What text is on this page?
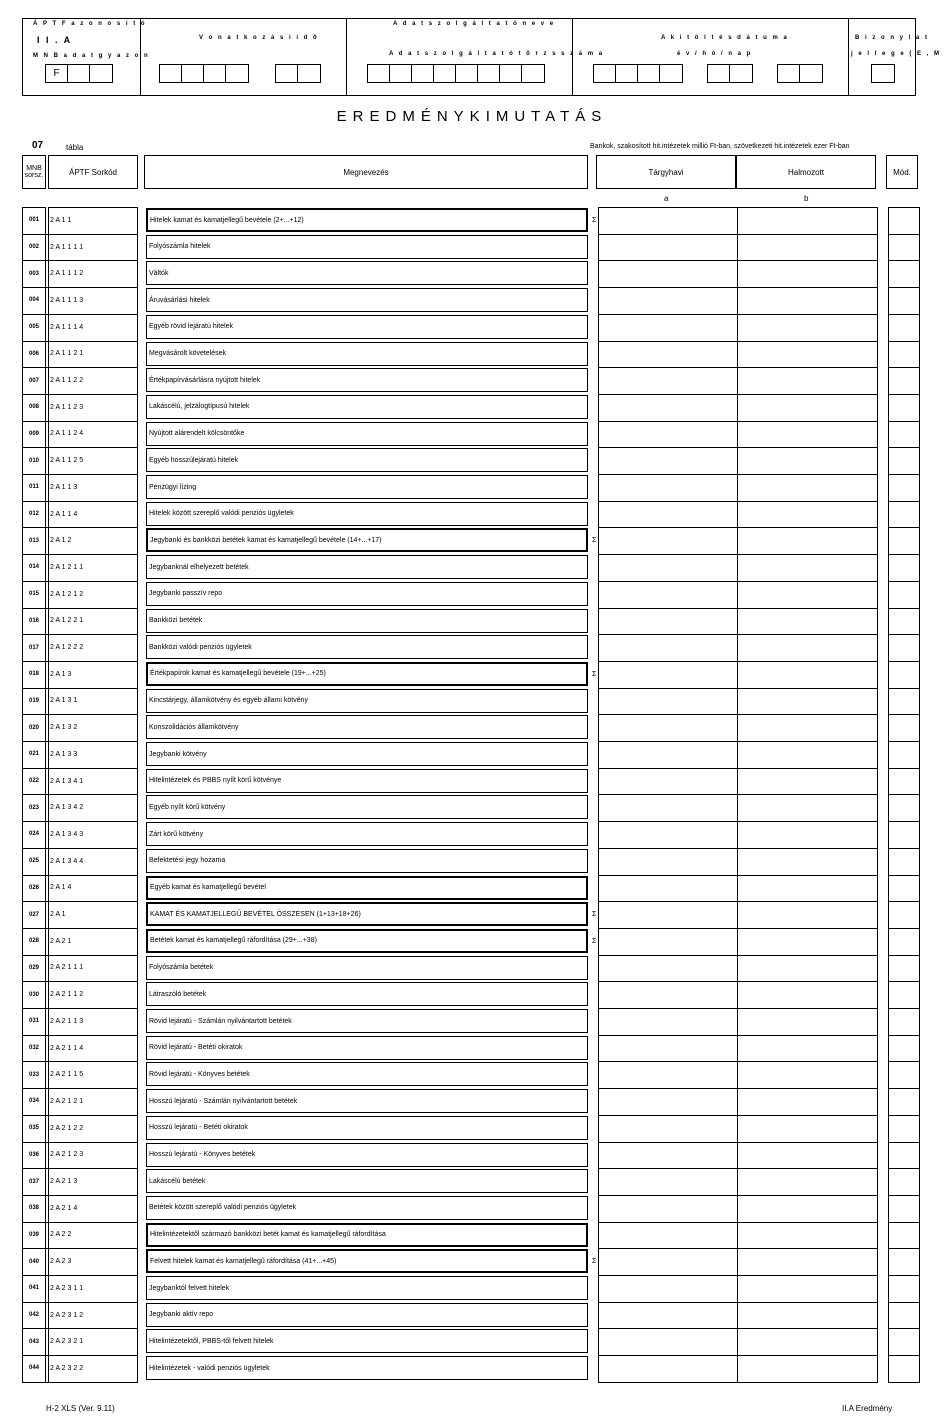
Á P T F a z o n o s í t ó
I I . A
M N B a d a t g y a z o n
F
V o n a t k o z á s i i d ő
A d a t s z o l g á l t a t ó n e v e
A d a t s z o l g á l t a t ó t ö r z s s z á m a
A k i t ö l t é s d á t u m a
é v / h ó / n a p
B i z o n y l a t
j e l l e g e ( E , M
EREDMÉNYKIMUTATÁS
07	tábla	Bankok, szakosított hit.intézetek millió Ft-ban, szövetkezeti hit.intézetek ezer Ft-ban
MNB sorsz.	ÁPTF Sorkód	Megnevezés	Tárgyhavi	Halmozott	Mód.
a	b
001	2 A 1 1	Hitelek kamat és kamatjellegű bevétele (2+...+12)	Σ
002	2 A 1 1 1 1	Folyószámla hitelek
003	2 A 1 1 1 2	Váltók
004	2 A 1 1 1 3	Áruvásárlási hitelek
005	2 A 1 1 1 4	Egyéb rövid lejáratú hitelek
006	2 A 1 1 2 1	Megvásárolt követelések
007	2 A 1 1 2 2	Értékpapírvásárlásra nyújtott hitelek
008	2 A 1 1 2 3	Lakáscélú, jelzálogtípusú hitelek
009	2 A 1 1 2 4	Nyújtott alárendelt kölcsöntőke
010	2 A 1 1 2 5	Egyéb hosszúlejáratú hitelek
011	2 A 1 1 3	Pénzügyi lízing
012	2 A 1 1 4	Hitelek között szereplő valódi penziós ügyletek
013	2 A 1 2	Jegybanki és bankközi betétek kamat és kamatjellegű bevétele (14+...+17)	Σ
014	2 A 1 2 1 1	Jegybanknál elhelyezett betétek
015	2 A 1 2 1 2	Jegybanki passzív repo
016	2 A 1 2 2 1	Bankközi betétek
017	2 A 1 2 2 2	Bankközi valódi penziós ügyletek
018	2 A 1 3	Értékpapírok kamat és kamatjellegű bevétele (19+...+25)	Σ
019	2 A 1 3 1	Kincstárjegy, államkötvény és egyéb állami kötvény
020	2 A 1 3 2	Konszolidációs államkötvény
021	2 A 1 3 3	Jegybanki kötvény
022	2 A 1 3 4 1	Hitelintézetek és PBBS nyílt körű kötvénye
023	2 A 1 3 4 2	Egyéb nyílt körű kötvény
024	2 A 1 3 4 3	Zárt körű kötvény
025	2 A 1 3 4 4	Befektetési jegy hozama
026	2 A 1 4	Egyéb kamat és kamatjellegű bevétel
027	2 A 1	KAMAT ÉS KAMATJELLEGŰ BEVÉTEL ÖSSZESEN (1+13+18+26)	Σ
028	2 A 2 1	Betétek kamat és kamatjellegű ráfordítása (29+...+38)	Σ
029	2 A 2 1 1 1	Folyószámla betétek
030	2 A 2 1 1 2	Látraszóló betétek
031	2 A 2 1 1 3	Rövid lejáratú - Számlán nyilvántartott betétek
032	2 A 2 1 1 4	Rövid lejáratú - Betéti okiratok
033	2 A 2 1 1 5	Rövid lejáratú - Könyves betétek
034	2 A 2 1 2 1	Hosszú lejáratú - Számlán nyilvántartott betétek
035	2 A 2 1 2 2	Hosszú lejáratú - Betéti okiratok
036	2 A 2 1 2 3	Hosszú lejáratú - Könyves betétek
037	2 A 2 1 3	Lakáscélú betétek
038	2 A 2 1 4	Betétek között szereplő valódi penziós ügyletek
039	2 A 2 2	Hitelintézetektől származó bankközi betét kamat és kamatjellegű ráfordítása
040	2 A 2 3	Felvett hitelek kamat és kamatjellegű ráfordítása (41+...+45)	Σ
041	2 A 2 3 1 1	Jegybanktól felvett hitelek
042	2 A 2 3 1 2	Jegybanki aktív repo
043	2 A 2 3 2 1	Hitelintézetektől, PBBS-től felvett hitelek
044	2 A 2 3 2 2	Hitelintézetek - valódi penziós ügyletek
H-2 XLS (Ver. 9.11)	II.A Eredmény
